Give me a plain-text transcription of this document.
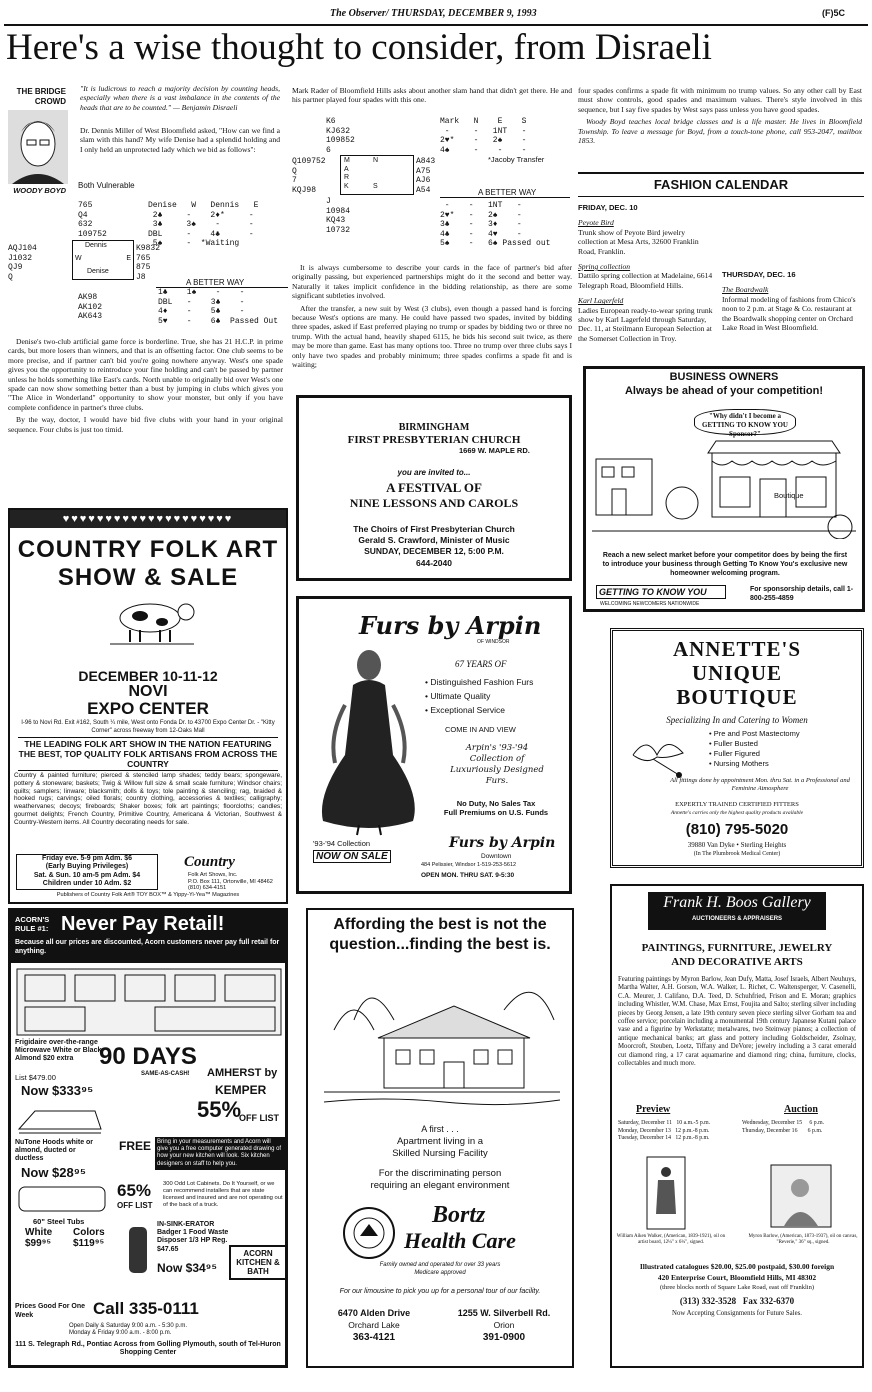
The Observer/ THURSDAY, DECEMBER 9, 1993	(F)5C
Here's a wise thought to consider, from Disraeli
THE BRIDGE CROWD
WOODY BOYD
"It is ludicrous to reach a majority decision by counting heads, especially when there is a vast imbalance in the contents of the heads that are to be counted." — Benjamin Disraeli
Dr. Dennis Miller of West Bloomfield asked, "How can we find a slam with this hand? My wife Denise had a splendid holding and I only held an unprotected lady which we bid as follows":
Both Vulnerable
765
Q4
632
109752
Denise   W   Dennis   E
2♣     -    2♦*     -
3♣     3♠    -      -
DBL     -    4♣      -
5♠     -  *Waiting
AQJ104
J1032
QJ9
Q
Dennis
W	E
Denise
K9832
765
875
J8
A BETTER WAY
AK98
AK102
AK643
1♣    1♠    -    -
DBL   -    3♣    -
4♦    -    5♣    -
5♥    -    6♣  Passed Out

Denise's two-club artificial game force is borderline. True, she has 21 H.C.P. in prime cards, but more losers than winners, and that is an offsetting factor. One club seems to be more precise, and if partner can't bid you're going nowhere anyway. West's one spade gives you the opportunity to reintroduce your fine holding and can't be passed by partner unless he holds something like East's cards. North unable to originally bid over West's one spade can now show something better than a bust by jumping in clubs which gives you "The Alice in Wonderland" opportunity to show your monster, but only if you have complete confidence in partner's three clubs.

By the way, doctor, I would have bid five clubs with your hand in your original sequence. Four clubs is just too timid.

Mark Rader of Bloomfield Hills asks about another slam hand that didn't get there. He and his partner played four spades with this one.
K6
KJ632
109852
6
Mark   N    E    S
-     -   1NT   -
2♥*    -   2♠    -
4♠     -    -    -
*Jacoby Transfer
Q109752
Q
7
KQJ98
N
MARK	S
A843
A75
AJ6
A54	A BETTER WAY
J
10984
KQ43
10732
-    -   1NT   -
2♥*   -   2♠    -
3♣    -   3♦    -
4♣    -   4♥    -
5♠    -   6♠ Passed out

It is always cumbersome to describe your cards in the face of partner's bid after originally passing, but experienced partnerships might do it the second and better way. Naturally it takes implicit confidence in the bidding relationship, as there are some significant subtleties involved.

After the transfer, a new suit by West (3 clubs), even though a passed hand is forcing because West's options are many. He could have passed two spades, invited by bidding three spades, asked if East preferred playing no trump or spades by bidding two or three no trump. With the actual hand, heavily shaped 6115, he bids his second suit twice, as there may be more than game. East has many options too. Three no trump over three clubs says I only have two spades and probably minimum; three spades confirms a spade fit and is waiting;

four spades confirms a spade fit with minimum no trump values. So any other call by East must show controls, good spades and maximum values. There's style involved in this sequence, but I say five spades by West says pass unless you have good spades.

Woody Boyd teaches local bridge classes and is a life master. He lives in Bloomfield Township. To leave a message for Boyd, from a touch-tone phone, call 953-2047, mailbox 1853.

FASHION CALENDAR
FRIDAY, DEC. 10
Peyote Bird
Trunk show of Peyote Bird jewelry collection at Mesa Arts, 32600 Franklin Road, Franklin.
Spring collection
Dattilo spring collection at Madelaine, 6614 Telegraph Road, Bloomfield Hills.
Karl Lagerfeld
Ladies European ready-to-wear spring trunk show by Karl Lagerfeld through Saturday, Dec. 11, at Steilmann European Selection at the Somerset Collection in Troy.
THURSDAY, DEC. 16
The Boardwalk
Informal modeling of fashions from Chico's noon to 2 p.m. at Stage & Co. restaurant at the Boardwalk shopping center on Orchard Lake Road in West Bloomfield.
BIRMINGHAM
FIRST PRESBYTERIAN CHURCH
1669 W. MAPLE RD.
you are invited to...
A FESTIVAL OF
NINE LESSONS AND CAROLS
The Choirs of First Presbyterian Church
Gerald S. Crawford, Minister of Music
SUNDAY, DECEMBER 12, 5:00 P.M.
644-2040
BUSINESS OWNERS
Always be ahead of your competition!
"Why didn't I become a GETTING TO KNOW YOU Sponsor?"
Boutique
Reach a new select market before your competitor does by being the first to introduce your business through Getting To Know You's exclusive new homeowner welcoming program.
GETTING TO KNOW YOU
WELCOMING NEWCOMERS NATIONWIDE
For sponsorship details, call 1-800-255-4859
♥♥♥♥♥♥♥♥♥♥♥♥♥♥♥♥♥♥♥♥
COUNTRY FOLK ART
SHOW & SALE
DECEMBER 10-11-12
NOVI
EXPO CENTER
I-96 to Novi Rd. Exit #162, South ¼ mile, West onto Fonda Dr. to 43700 Expo Center Dr. - "Kitty Corner" across freeway from 12-Oaks Mall
THE LEADING FOLK ART SHOW IN THE NATION FEATURING THE BEST, TOP QUALITY FOLK ARTISANS FROM ACROSS THE COUNTRY
Country & painted furniture; pierced & stenciled lamp shades; teddy bears; spongeware, pottery & stoneware; baskets; Twig & Willow full size & small scale furniture; Windsor chairs; quilts; samplers; linware; blacksmith; dolls & toys; tole painting & stenciling; rag, braided & hooked rugs; carvings; oiled florals; country clothing, accessories & textiles; calligraphy; weathervanes; decoys; fireboards; Shaker boxes; folk art paintings; floorcloths; candles; gourmet delights; French Country, Primitive Country, Americana & Victorian, Southwest & Country-Western items. All Country decorating needs for sale.
Friday eve. 5-9 pm Adm. $6
(Early Buying Privileges)
Sat. & Sun. 10 am-5 pm Adm. $4
Children under 10 Adm. $2
Country
Folk Art Shows, Inc.
P.O. Box 111, Ortonville, MI 48462
(810) 634-4151
Publishers of Country Folk Art® TOY BOX™ & Yippy-Yi-Yea™ Magazines
Furs by Arpin
OF WINDSOR
67 YEARS OF
• Distinguished Fashion Furs
• Ultimate Quality
• Exceptional Service
COME IN AND VIEW
Arpin's '93-'94 Collection of Luxuriously Designed Furs.
No Duty, No Sales Tax
Full Premiums on U.S. Funds
'93-'94 Collection
NOW ON SALE
Furs by Arpin
Downtown
484 Pelissier, Windsor 1-519-253-5612
OPEN MON. THRU SAT. 9-5:30
ANNETTE'S
UNIQUE
BOUTIQUE
Specializing In and Catering to Women
• Pre and Post Mastectomy
• Fuller Busted
• Fuller Figured
• Nursing Mothers
All fittings done by appointment Mon. thru Sat. in a Professional and Feminine Atmosphere
EXPERTLY TRAINED CERTIFIED FITTERS
Annette's carries only the highest quality products available
(810) 795-5020
39880 Van Dyke • Sterling Heights
(In The Plumbrook Medical Center)
ACORN'S RULE #1: Never Pay Retail!
Because all our prices are discounted, Acorn customers never pay full retail for anything.
Frigidaire over-the-range Microwave White or Black Almond $20 extra
List $479.00
Now $333⁹⁵
90 DAYS
SAME-AS-CASH! AMHERST by
KEMPER
55%
OFF LIST
NuTone Hoods white or almond, ducted or ductless
Now $28⁹⁵
FREE Bring in your measurements and Acorn will give you a free computer generated drawing of how your new kitchen will look. Six kitchen designers on staff to help you.
65%
OFF LIST
300 Odd Lot Cabinets. Do It Yourself, or we can recommend installers that are state licensed and insured and are not operating out of the back of a truck.
60" Steel Tubs
White $99⁹⁵
Colors $119⁹⁵
IN-SINK-ERATOR Badger 1 Food Waste Disposer 1/3 HP Reg. $47.65
Now $34⁹⁵
ACORN KITCHEN & BATH
Prices Good For One Week	Call 335-0111
Open Daily & Saturday 9:00 a.m. - 5:30 p.m.
Monday & Friday 9:00 a.m. - 8:00 p.m.
111 S. Telegraph Rd., Pontiac Across from Golling Plymouth, south of Tel-Huron Shopping Center
Affording the best is not the
question...finding the best is.
A first . . .
Apartment living in a
Skilled Nursing Facility
For the discriminating person
requiring an elegant environment
Bortz
Health Care
Family owned and operated for over 33 years
Medicare approved
For our limousine to pick you up for a personal tour of our facility.
6470 Alden Drive
Orchard Lake
363-4121
1255 W. Silverbell Rd.
Orion
391-0900
Frank H. Boos Gallery
AUCTIONEERS & APPRAISERS
PAINTINGS, FURNITURE, JEWELRY
AND DECORATIVE ARTS
Featuring paintings by Myron Barlow, Jean Dufy, Matta, Josef Israels, Albert Neuhuys, Martha Walter, A.H. Gorson, W.A. Walker, L. Richet, C. Waltensperger, V. Casenelli, C.A. Meurer, J. Califano, D.A. Teed, D. Schuhfried, Frison and E. Moran; graphics including Whistler, W.M. Chase, Max Ernst, Foujita and Salto; sterling silver including pieces by Georg Jensen, a late 19th century seven piece sterling silver Gorham tea and coffee service; porcelain including a monumental 19th century Japanese Kutani palace vase and a figurine by Werkstatte; metalwares, two Steinway pianos; a collection of antique mechanical banks; art glass and pottery including Goldscheider, Zsolnay, Moorcroft, Steuben, Loetz, Tiffany and DeVore; jewelry including a 3 carat emerald cut diamond ring, a 17 carat aquamarine and diamond ring; china, furniture, clocks, collectables and much more.
Preview	Auction
Saturday, December 11   10 a.m.-5 p.m.
Monday, December 13   12 p.m.-8 p.m.
Tuesday, December 14   12 p.m.-8 p.m.
Wednesday, December 15     6 p.m.
Thursday, December 16       6 p.m.
William Aiken Walker, (American, 1839-1921), oil on artist board, 12¼" x 6¼", signed.
Myron Barlow, (American, 1873-1937), oil on canvas, "Reverie," 36" sq., signed.
Illustrated catalogues $20.00, $25.00 postpaid, $30.00 foreign
420 Enterprise Court, Bloomfield Hills, MI 48302
(three blocks north of Square Lake Road, east off Franklin)
(313) 332-3528   Fax 332-6370
Now Accepting Consignments for Future Sales.
